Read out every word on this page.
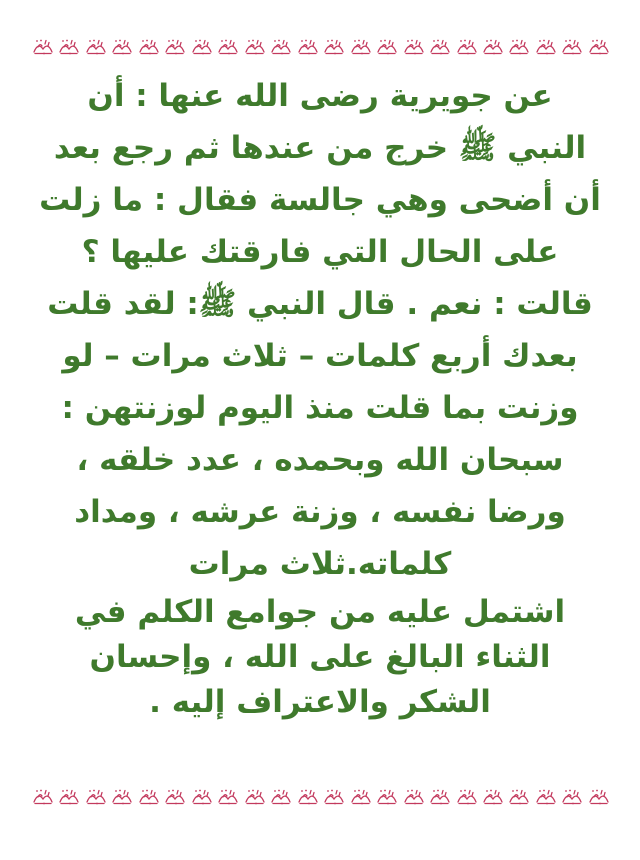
عن جويرية رضى الله عنها : أن
النبي ﷺ خرج من عندها ثم رجع بعد
أن أضحى وهي جالسة فقال : ما زلت
على الحال التي فارقتك عليها ؟
قالت : نعم . قال النبي ﷺ: لقد قلت
بعدك أربع كلمات – ثلاث مرات – لو
وزنت بما قلت منذ اليوم لوزنتهن :
سبحان الله وبحمده ، عدد خلقه ،
ورضا نفسه ، وزنة عرشه ، ومداد
كلماته.ثلاث مرات
اشتمل عليه من جوامع الكلم في
الثناء البالغ على الله ، وإحسان
الشكر والاعتراف إليه .
